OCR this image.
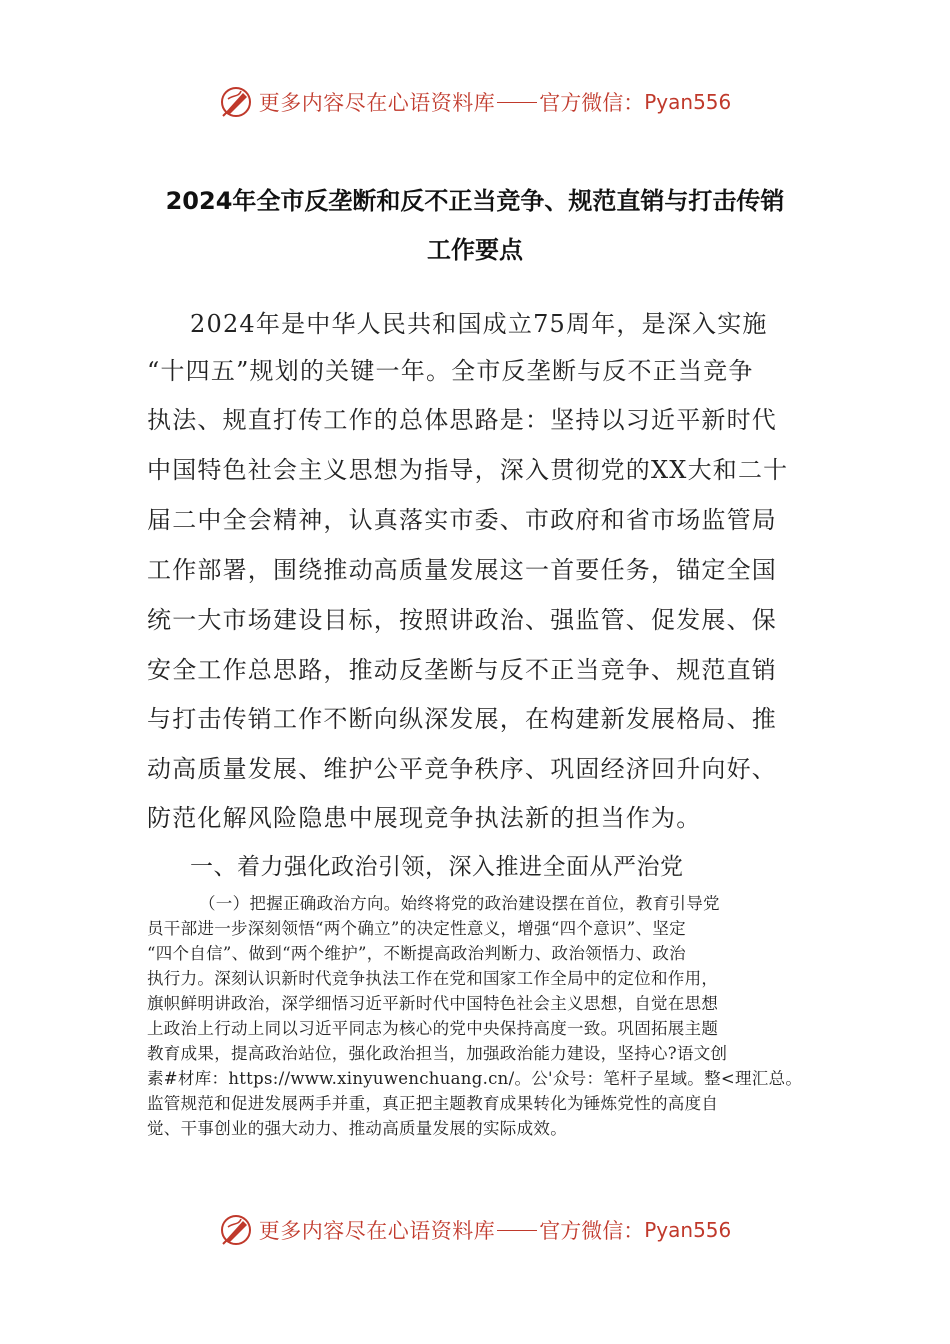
更多内容尽在心语资料库 官方微信： Pyan556
2024年全市反垄断和反不正当竞争、规范直销与打击传销
工作要点
2024年是中华人民共和国成立75周年，是深入实施
“十四五”规划的关键一年。全市反垄断与反不正当竞争
执法、规直打传工作的总体思路是：坚持以习近平新时代
中国特色社会主义思想为指导，深入贯彻党的XX大和二十
届二中全会精神，认真落实市委、市政府和省市场监管局
工作部署，围绕推动高质量发展这一首要任务，锚定全国
统一大市场建设目标，按照讲政治、强监管、促发展、保
安全工作总思路，推动反垄断与反不正当竞争、规范直销
与打击传销工作不断向纵深发展，在构建新发展格局、推
动高质量发展、维护公平竞争秩序、巩固经济回升向好、
防范化解风险隐患中展现竞争执法新的担当作为。
一、着力强化政治引领，深入推进全面从严治党
（一）把握正确政治方向。始终将党的政治建设摆在首位，教育引导党
员干部进一步深刻领悟“两个确立”的决定性意义，增强“四个意识”、坚定
“四个自信”、做到“两个维护”，不断提高政治判断力、政治领悟力、政治
执行力。深刻认识新时代竞争执法工作在党和国家工作全局中的定位和作用，
旗帜鲜明讲政治，深学细悟习近平新时代中国特色社会主义思想，自觉在思想
上政治上行动上同以习近平同志为核心的党中央保持高度一致。巩固拓展主题
教育成果，提高政治站位，强化政治担当，加强政治能力建设，坚持心?语文创
素#材库：https://www.xinyuwenchuang.cn/。公'众号：笔杆子星域。整<理汇总。
监管规范和促进发展两手并重，真正把主题教育成果转化为锤炼党性的高度自
觉、干事创业的强大动力、推动高质量发展的实际成效。
更多内容尽在心语资料库 官方微信： Pyan556
